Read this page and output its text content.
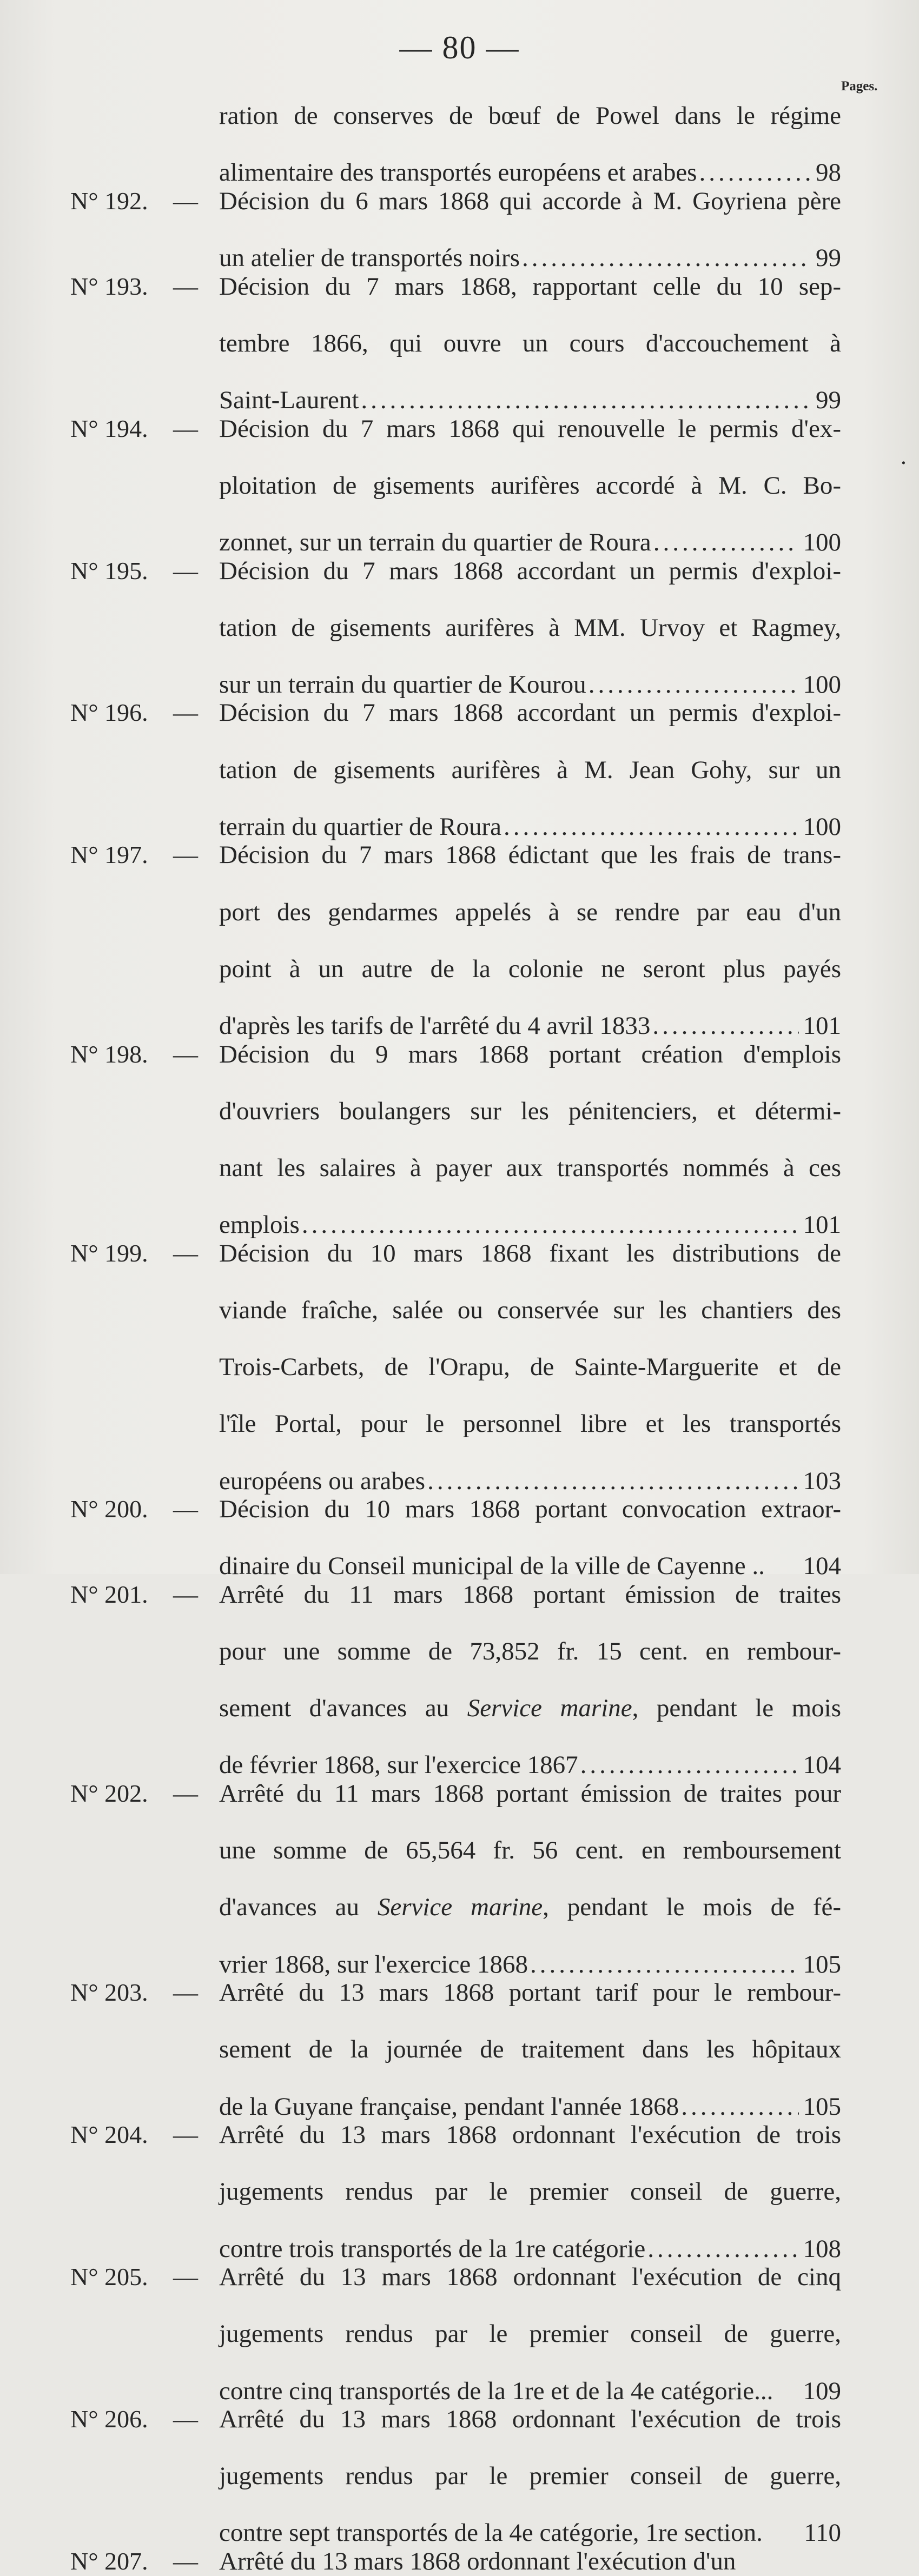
— 80 —
Pages.
.
ration de conserves de bœuf de Powel dans le régime
alimentaire des transportés européens et arabes .....	98
N° 192. — Décision du 6 mars 1868 qui accorde à M. Goyriena père
un atelier de transportés noirs .....	99
N° 193. — Décision du 7 mars 1868, rapportant celle du 10 sep-
tembre 1866, qui ouvre un cours d'accouchement à
Saint-Laurent .....	99
N° 194. — Décision du 7 mars 1868 qui renouvelle le permis d'ex-
ploitation de gisements aurifères accordé à M. C. Bo-
zonnet, sur un terrain du quartier de Roura .....	100
N° 195. — Décision du 7 mars 1868 accordant un permis d'exploi-
tation de gisements aurifères à MM. Urvoy et Ragmey,
sur un terrain du quartier de Kourou .....	100
N° 196. — Décision du 7 mars 1868 accordant un permis d'exploi-
tation de gisements aurifères à M. Jean Gohy, sur un
terrain du quartier de Roura .....	100
N° 197. — Décision du 7 mars 1868 édictant que les frais de trans-
port des gendarmes appelés à se rendre par eau d'un
point à un autre de la colonie ne seront plus payés
d'après les tarifs de l'arrêté du 4 avril 1833 .....	101
N° 198. — Décision du 9 mars 1868 portant création d'emplois
d'ouvriers boulangers sur les pénitenciers, et détermi-
nant les salaires à payer aux transportés nommés à ces
emplois .....	101
N° 199. — Décision du 10 mars 1868 fixant les distributions de
viande fraîche, salée ou conservée sur les chantiers des
Trois-Carbets, de l'Orapu, de Sainte-Marguerite et de
l'île Portal, pour le personnel libre et les transportés
européens ou arabes .....	103
N° 200. — Décision du 10 mars 1868 portant convocation extraor-
dinaire du Conseil municipal de la ville de Cayenne .. 104
N° 201. — Arrêté du 11 mars 1868 portant émission de traites
pour une somme de 73,852 fr. 15 cent. en rembour-
sement d'avances au Service marine, pendant le mois
de février 1868, sur l'exercice 1867 .....	104
N° 202. — Arrêté du 11 mars 1868 portant émission de traites pour
une somme de 65,564 fr. 56 cent. en remboursement
d'avances au Service marine, pendant le mois de fé-
vrier 1868, sur l'exercice 1868 .....	105
N° 203. — Arrêté du 13 mars 1868 portant tarif pour le rembour-
sement de la journée de traitement dans les hôpitaux
de la Guyane française, pendant l'année 1868 .....	105
N° 204. — Arrêté du 13 mars 1868 ordonnant l'exécution de trois
jugements rendus par le premier conseil de guerre,
contre trois transportés de la 1re catégorie .....	108
N° 205. — Arrêté du 13 mars 1868 ordonnant l'exécution de cinq
jugements rendus par le premier conseil de guerre,
contre cinq transportés de la 1re et de la 4e catégorie... 109
N° 206. — Arrêté du 13 mars 1868 ordonnant l'exécution de trois
jugements rendus par le premier conseil de guerre,
contre sept transportés de la 4e catégorie, 1re section. 110
N° 207. — Arrêté du 13 mars 1868 ordonnant l'exécution d'un
